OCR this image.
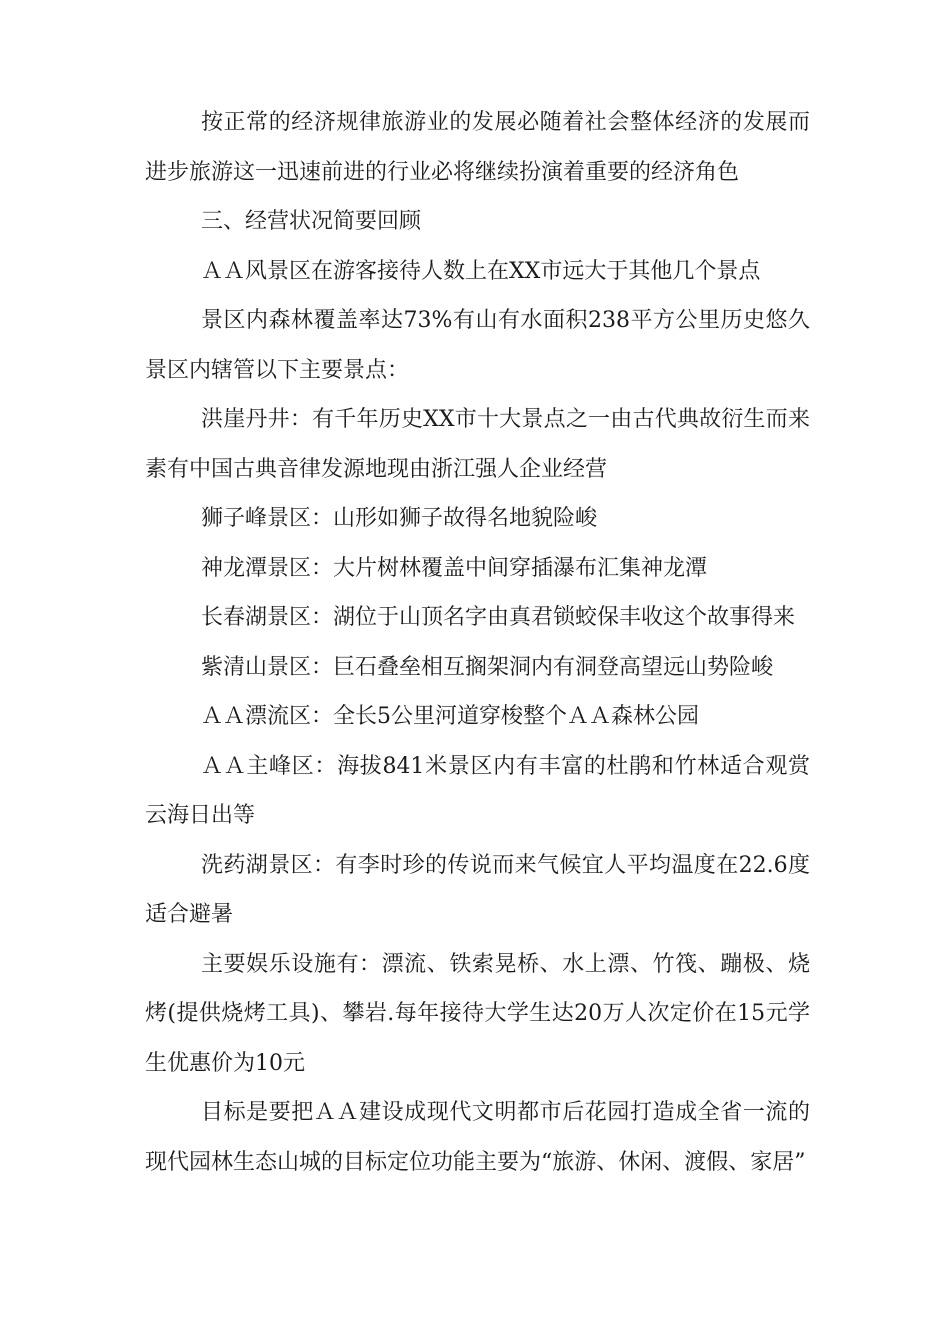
按正常的经济规律旅游业的发展必随着社会整体经济的发展而进步旅游这一迅速前进的行业必将继续扮演着重要的经济角色

三、经营状况简要回顾

ＡＡ风景区在游客接待人数上在XX市远大于其他几个景点

景区内森林覆盖率达73%有山有水面积238平方公里历史悠久景区内辖管以下主要景点：

洪崖丹井：有千年历史XX市十大景点之一由古代典故衍生而来素有中国古典音律发源地现由浙江强人企业经营

狮子峰景区：山形如狮子故得名地貌险峻

神龙潭景区：大片树林覆盖中间穿插瀑布汇集神龙潭

长春湖景区：湖位于山顶名字由真君锁蛟保丰收这个故事得来

紫清山景区：巨石叠垒相互搁架洞内有洞登高望远山势险峻

ＡＡ漂流区：全长5公里河道穿梭整个ＡＡ森林公园

ＡＡ主峰区：海拔841米景区内有丰富的杜鹃和竹林适合观赏云海日出等

洗药湖景区：有李时珍的传说而来气候宜人平均温度在22.6度适合避暑

主要娱乐设施有：漂流、铁索晃桥、水上漂、竹筏、蹦极、烧烤(提供烧烤工具)、攀岩.每年接待大学生达20万人次定价在15元学生优惠价为10元

目标是要把ＡＡ建设成现代文明都市后花园打造成全省一流的现代园林生态山城的目标定位功能主要为“旅游、休闲、渡假、家居”
